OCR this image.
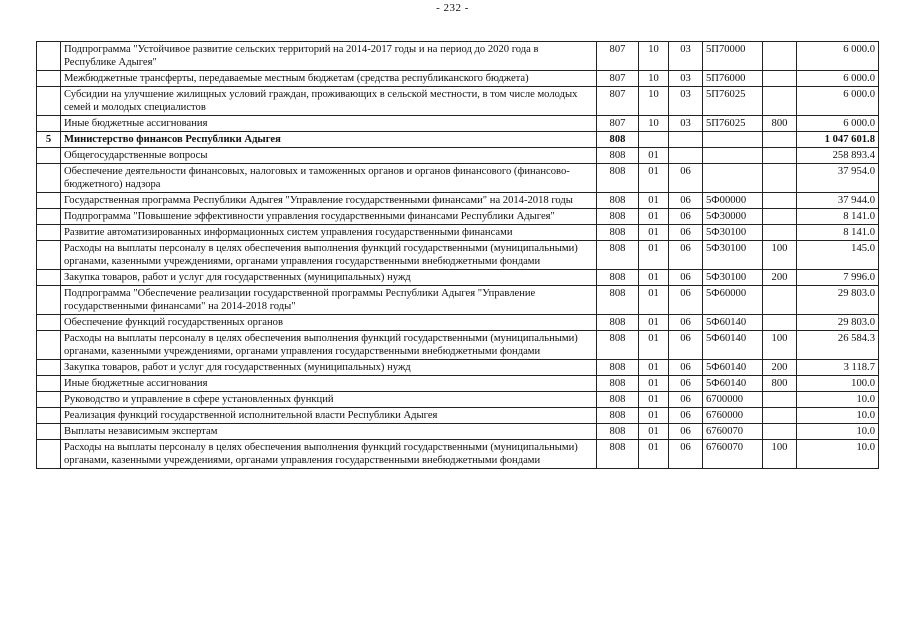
- 232 -
	Подпрограмма "Устойчивое развитие сельских территорий на 2014-2017 годы и на период до 2020 года в Республике Адыгея"	807	10	03	5П70000		6 000.0
	Межбюджетные трансферты, передаваемые местным бюджетам (средства республиканского бюджета)	807	10	03	5П76000		6 000.0
	Субсидии на улучшение жилищных условий граждан, проживающих в сельской местности, в том числе молодых семей и молодых специалистов	807	10	03	5П76025		6 000.0
	Иные бюджетные ассигнования	807	10	03	5П76025	800	6 000.0
5	Министерство финансов Республики Адыгея	808					1 047 601.8
	Общегосударственные вопросы	808	01				258 893.4
	Обеспечение деятельности финансовых, налоговых и таможенных органов и органов финансового (финансово-бюджетного) надзора	808	01	06			37 954.0
	Государственная программа Республики Адыгея "Управление государственными финансами" на 2014-2018 годы	808	01	06	5Ф00000		37 944.0
	Подпрограмма "Повышение эффективности управления государственными финансами Республики Адыгея"	808	01	06	5Ф30000		8 141.0
	Развитие автоматизированных информационных систем управления государственными финансами	808	01	06	5Ф30100		8 141.0
	Расходы на выплаты персоналу в целях обеспечения выполнения функций государственными (муниципальными) органами, казенными учреждениями, органами управления государственными внебюджетными фондами	808	01	06	5Ф30100	100	145.0
	Закупка товаров, работ и услуг для государственных (муниципальных) нужд	808	01	06	5Ф30100	200	7 996.0
	Подпрограмма "Обеспечение реализации государственной программы Республики Адыгея "Управление государственными финансами" на 2014-2018 годы"	808	01	06	5Ф60000		29 803.0
	Обеспечение функций государственных органов	808	01	06	5Ф60140		29 803.0
	Расходы на выплаты персоналу в целях обеспечения выполнения функций государственными (муниципальными) органами, казенными учреждениями, органами управления государственными внебюджетными фондами	808	01	06	5Ф60140	100	26 584.3
	Закупка товаров, работ и услуг для государственных (муниципальных) нужд	808	01	06	5Ф60140	200	3 118.7
	Иные бюджетные ассигнования	808	01	06	5Ф60140	800	100.0
	Руководство и управление в сфере установленных функций	808	01	06	6700000		10.0
	Реализация функций государственной исполнительной власти Республики Адыгея	808	01	06	6760000		10.0
	Выплаты независимым экспертам	808	01	06	6760070		10.0
	Расходы на выплаты персоналу в целях обеспечения выполнения функций государственными (муниципальными) органами, казенными учреждениями, органами управления государственными внебюджетными фондами	808	01	06	6760070	100	10.0
